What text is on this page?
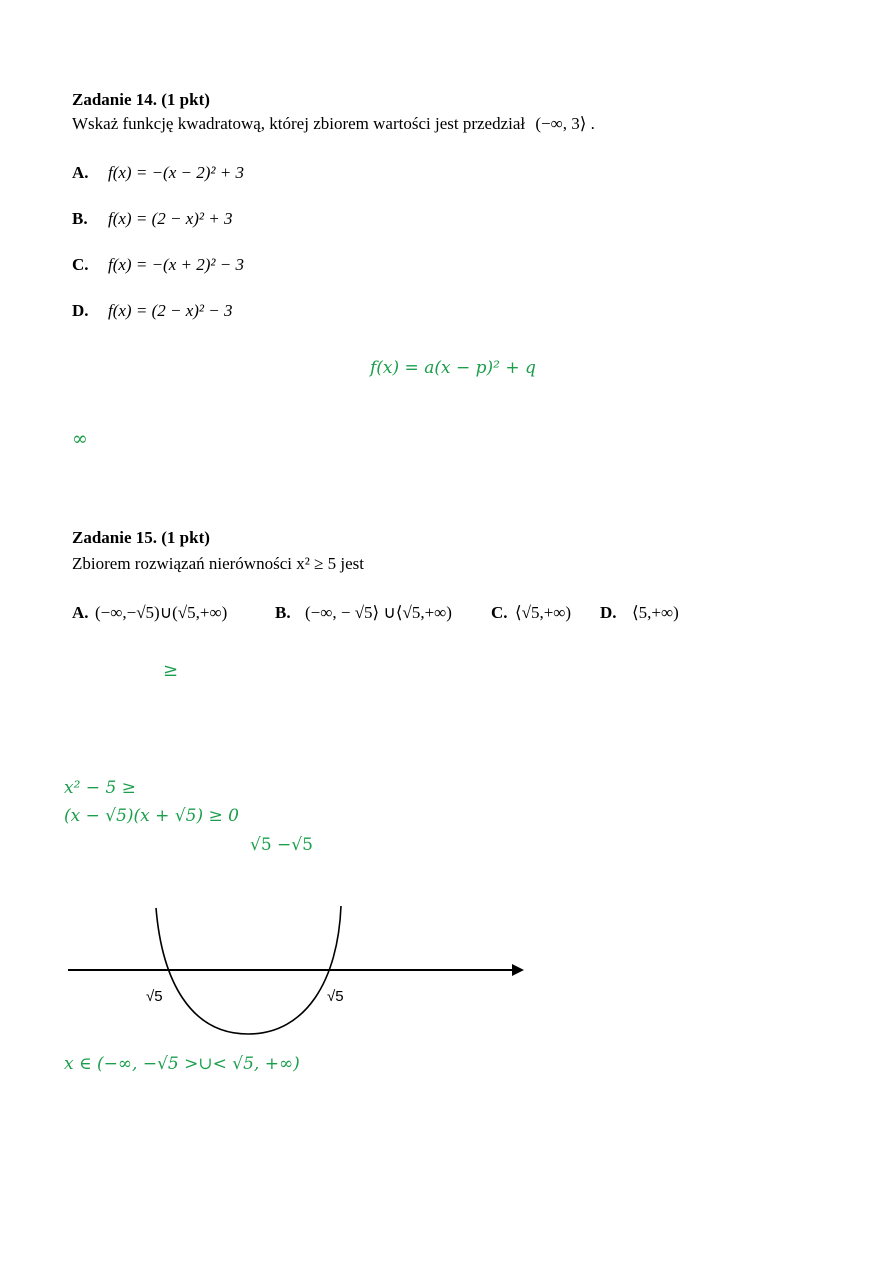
Zadanie 14. (1 pkt)
Wskaż funkcję kwadratową, której zbiorem wartości jest przedział (−∞, 3⟩ .
A. f(x) = −(x − 2)² + 3
B. f(x) = (2 − x)² + 3
C. f(x) = −(x + 2)² − 3
D. f(x) = (2 − x)² − 3
f(x) = a(x − p)² + q
∞
Zadanie 15. (1 pkt)
Zbiorem rozwiązań nierówności x² ≥ 5 jest
A. (−∞,−√5)∪(√5,+∞)	B. (−∞, − √5⟩ ∪⟨√5,+∞) C. ⟨√5,+∞) D. ⟨5,+∞)
≥
x² − 5 ≥
(x − √5)(x + √5) ≥ 0
√5 −√5
√5	√5
x ∈ (−∞, −√5 >∪< √5, +∞)
